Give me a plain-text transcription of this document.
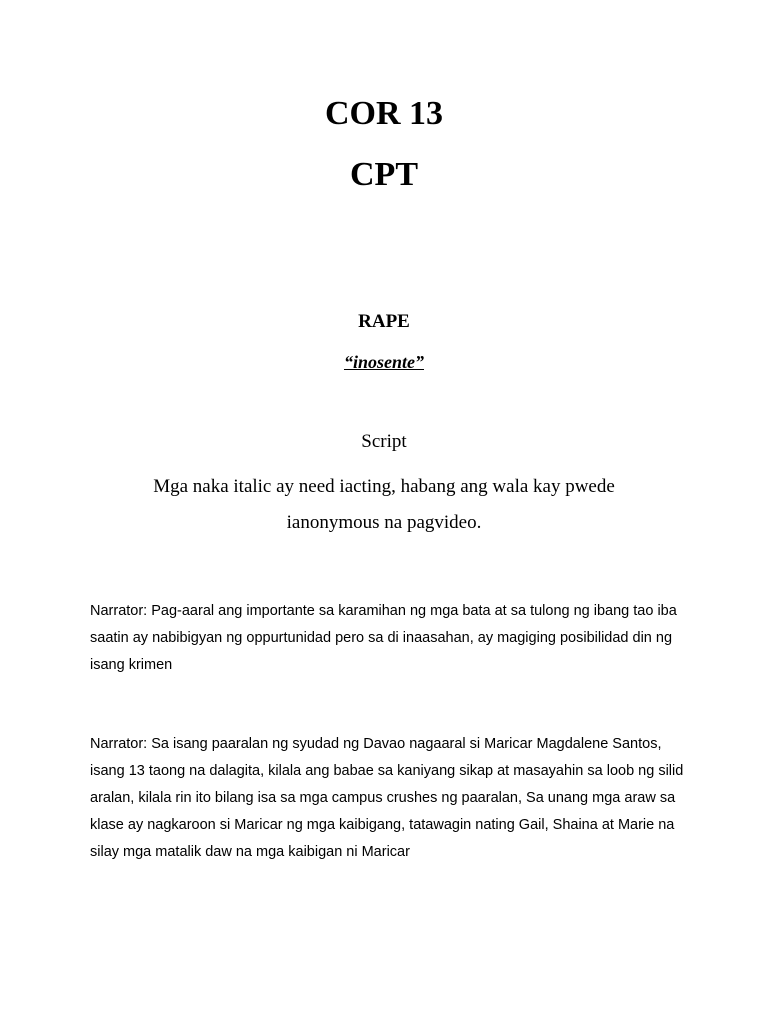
COR 13
CPT
RAPE
“inosente”
Script
Mga naka italic ay need iacting, habang ang wala kay pwede ianonymous na pagvideo.
Narrator: Pag-aaral ang importante sa karamihan ng mga bata at sa tulong ng ibang tao iba saatin ay nabibigyan ng oppurtunidad pero sa di inaasahan, ay magiging posibilidad din ng isang krimen
Narrator: Sa isang paaralan ng syudad ng Davao nagaaral si Maricar Magdalene Santos, isang 13 taong na dalagita, kilala ang babae sa kaniyang sikap at masayahin sa loob ng silid aralan, kilala rin ito bilang isa sa mga campus crushes ng paaralan, Sa unang mga araw sa klase ay nagkaroon si Maricar ng mga kaibigang, tatawagin nating Gail, Shaina at Marie na silay mga matalik daw na mga kaibigan ni Maricar
